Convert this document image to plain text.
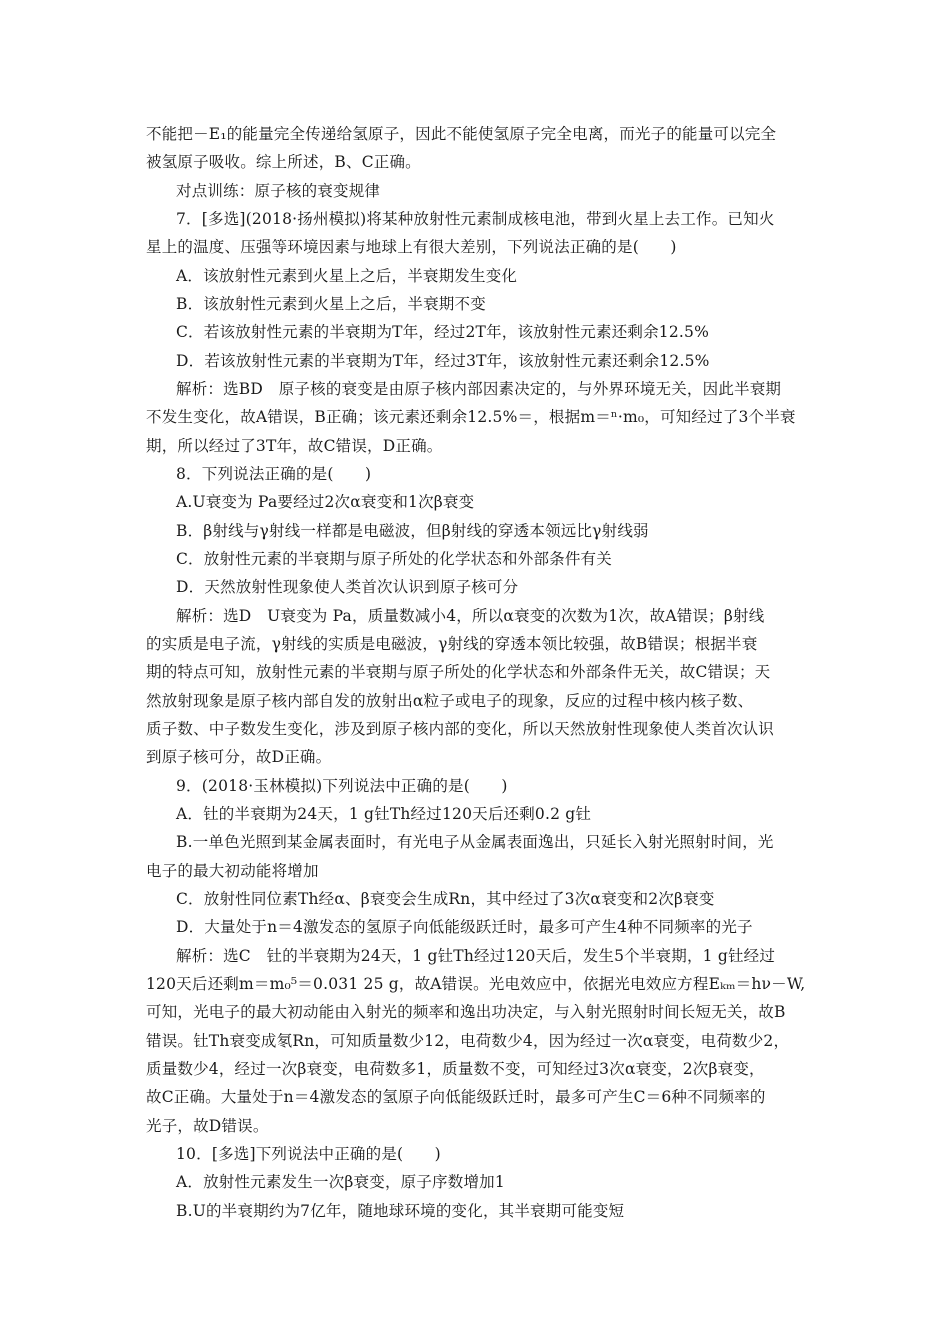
不能把－E₁的能量完全传递给氢原子，因此不能使氢原子完全电离，而光子的能量可以完全
被氢原子吸收。综上所述，B、C正确。
对点训练：原子核的衰变规律
7．[多选](2018·扬州模拟)将某种放射性元素制成核电池，带到火星上去工作。已知火
星上的温度、压强等环境因素与地球上有很大差别，下列说法正确的是(　　)
A．该放射性元素到火星上之后，半衰期发生变化
B．该放射性元素到火星上之后，半衰期不变
C．若该放射性元素的半衰期为T年，经过2T年，该放射性元素还剩余12.5%
D．若该放射性元素的半衰期为T年，经过3T年，该放射性元素还剩余12.5%
解析：选BD　原子核的衰变是由原子核内部因素决定的，与外界环境无关，因此半衰期
不发生变化，故A错误，B正确；该元素还剩余12.5%＝，根据m＝ⁿ·m₀，可知经过了3个半衰
期，所以经过了3T年，故C错误，D正确。
8．下列说法正确的是(　　)
A.U衰变为 Pa要经过2次α衰变和1次β衰变
B．β射线与γ射线一样都是电磁波，但β射线的穿透本领远比γ射线弱
C．放射性元素的半衰期与原子所处的化学状态和外部条件有关
D．天然放射性现象使人类首次认识到原子核可分
解析：选D　U衰变为 Pa，质量数减小4，所以α衰变的次数为1次，故A错误；β射线
的实质是电子流，γ射线的实质是电磁波，γ射线的穿透本领比较强，故B错误；根据半衰
期的特点可知，放射性元素的半衰期与原子所处的化学状态和外部条件无关，故C错误；天
然放射现象是原子核内部自发的放射出α粒子或电子的现象，反应的过程中核内核子数、
质子数、中子数发生变化，涉及到原子核内部的变化，所以天然放射性现象使人类首次认识
到原子核可分，故D正确。
9．(2018·玉林模拟)下列说法中正确的是(　　)
A．钍的半衰期为24天，1 g钍Th经过120天后还剩0.2 g钍
B.一单色光照到某金属表面时，有光电子从金属表面逸出，只延长入射光照射时间，光
电子的最大初动能将增加
C．放射性同位素Th经α、β衰变会生成Rn，其中经过了3次α衰变和2次β衰变
D．大量处于n＝4激发态的氢原子向低能级跃迁时，最多可产生4种不同频率的光子
解析：选C　钍的半衰期为24天，1 g钍Th经过120天后，发生5个半衰期，1 g钍经过
120天后还剩m＝m₀⁵＝0.031 25 g，故A错误。光电效应中，依据光电效应方程Eₖₘ＝hν－W,
可知，光电子的最大初动能由入射光的频率和逸出功决定，与入射光照射时间长短无关，故B
错误。钍Th衰变成氡Rn，可知质量数少12，电荷数少4，因为经过一次α衰变，电荷数少2，
质量数少4，经过一次β衰变，电荷数多1，质量数不变，可知经过3次α衰变，2次β衰变，
故C正确。大量处于n＝4激发态的氢原子向低能级跃迁时，最多可产生C＝6种不同频率的
光子，故D错误。
10．[多选]下列说法中正确的是(　　)
A．放射性元素发生一次β衰变，原子序数增加1
B.U的半衰期约为7亿年，随地球环境的变化，其半衰期可能变短
